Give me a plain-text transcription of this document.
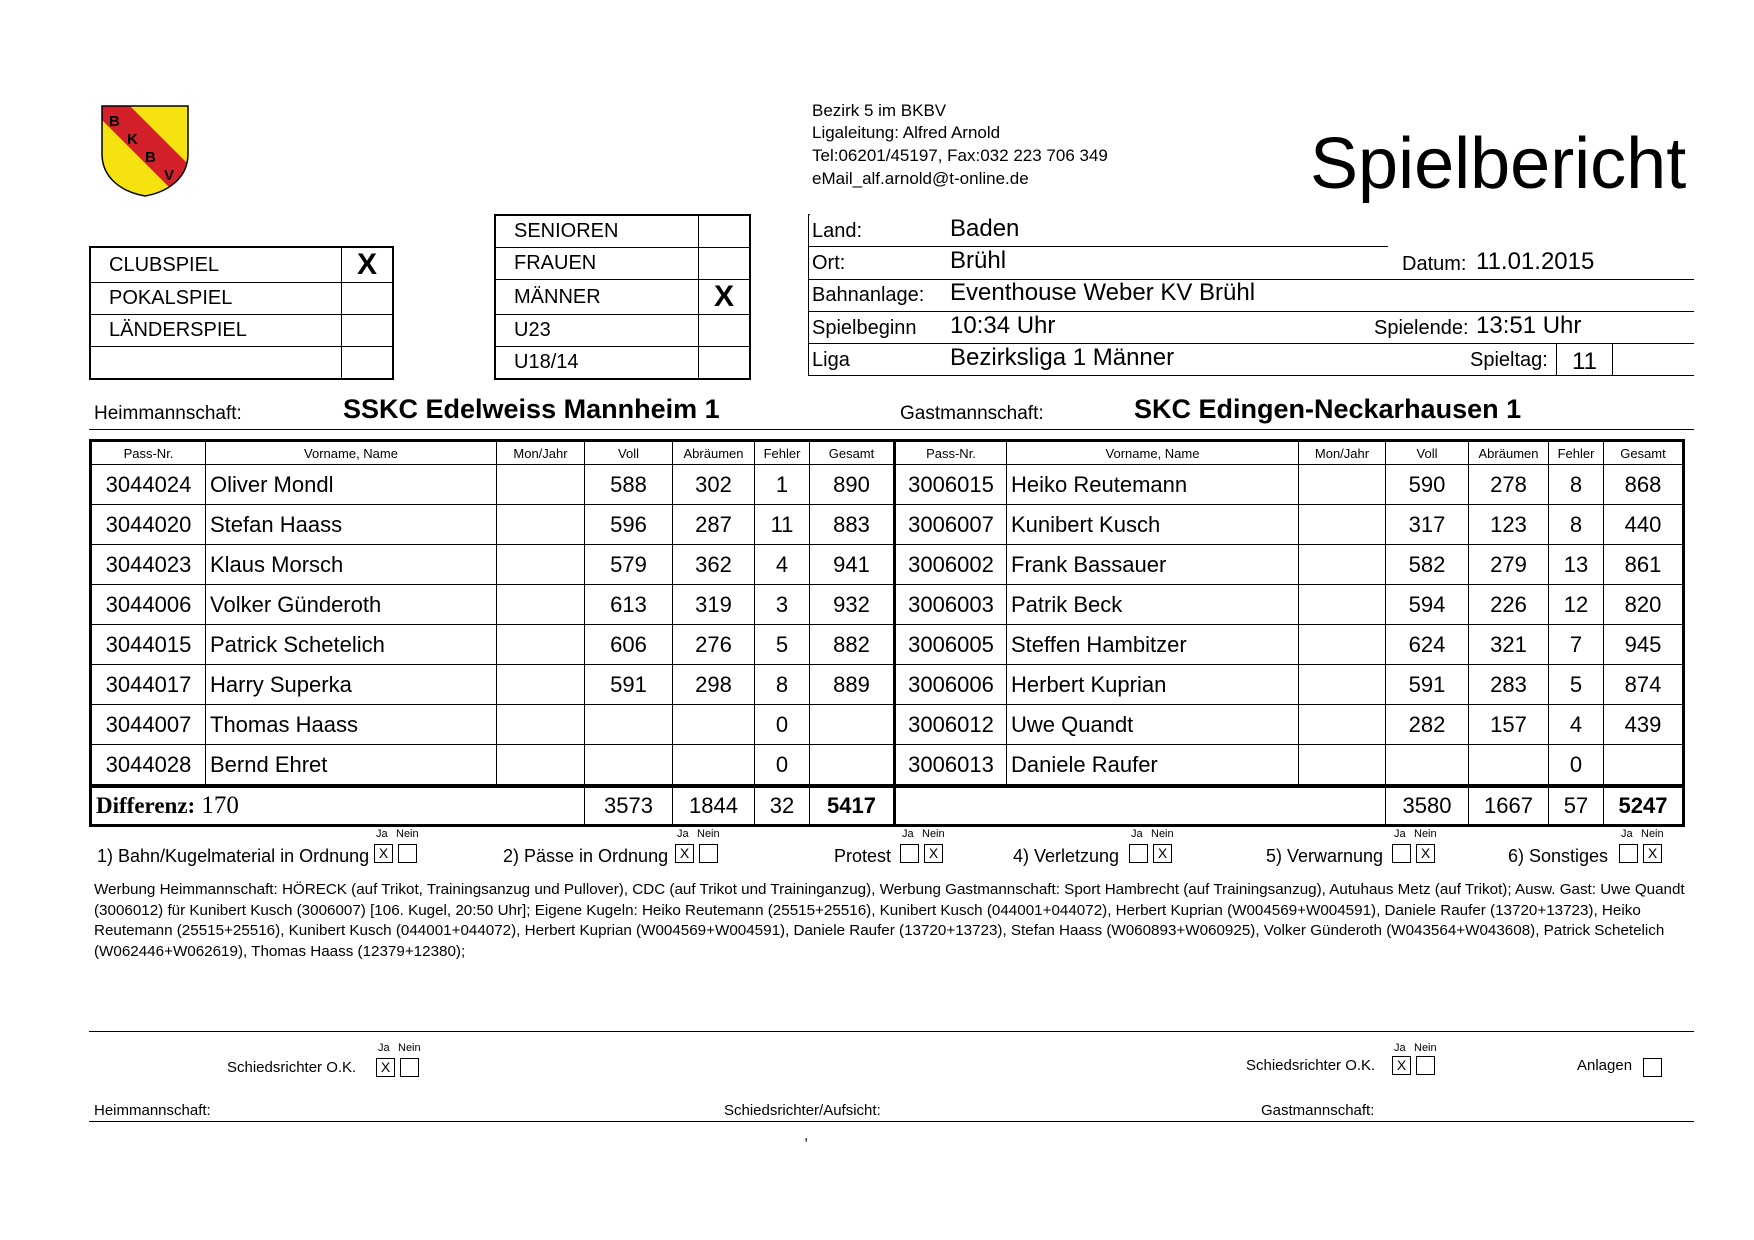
B
K
B
V
Bezirk 5 im BKBV
Ligaleitung: Alfred Arnold
Tel:06201/45197, Fax:032 223 706 349
eMail_alf.arnold@t-online.de	Spielbericht
CLUBSPIEL	X
POKALSPIEL	
LÄNDERSPIEL	

SENIOREN	
FRAUEN	
MÄNNER	X
U23	
U18/14	
Land:	Baden
Ort:	Brühl	Datum: 11.01.2015
Bahnanlage: Eventhouse Weber KV Brühl
Spielbeginn 10:34 Uhr	Spielende: 13:51 Uhr
Liga	Bezirksliga 1 Männer	Spieltag: 11
Heimmannschaft:	SSKC Edelweiss Mannheim 1	Gastmannschaft:	SKC Edingen-Neckarhausen 1
Pass-Nr.	Vorname, Name	Mon/Jahr	Voll	Abräumen	Fehler	Gesamt	Pass-Nr.	Vorname, Name	Mon/Jahr	Voll	Abräumen	Fehler	Gesamt
3044024	Oliver Mondl		588	302	1	890	3006015	Heiko Reutemann		590	278	8	868
3044020	Stefan Haass		596	287	11	883	3006007	Kunibert Kusch		317	123	8	440
3044023	Klaus Morsch		579	362	4	941	3006002	Frank Bassauer		582	279	13	861
3044006	Volker Günderoth		613	319	3	932	3006003	Patrik Beck		594	226	12	820
3044015	Patrick Schetelich		606	276	5	882	3006005	Steffen Hambitzer		624	321	7	945
3044017	Harry Superka		591	298	8	889	3006006	Herbert Kuprian		591	283	5	874
3044007	Thomas Haass				0		3006012	Uwe Quandt		282	157	4	439
3044028	Bernd Ehret				0		3006013	Daniele Raufer				0	
Differenz: 170			3573	1844	32	5417				3580	1667	57	5247
1) Bahn/Kugelmaterial in Ordnung
Ja Nein
X	2) Pässe in Ordnung
Ja Nein
X	Protest
Ja Nein
X	4) Verletzung
Ja Nein
X	5) Verwarnung
Ja Nein
X	6) Sonstiges
Ja Nein
X
Werbung Heimmannschaft: HÖRECK (auf Trikot, Trainingsanzug und Pullover), CDC (auf Trikot und Traininganzug), Werbung Gastmannschaft: Sport Hambrecht (auf Trainingsanzug), Autuhaus Metz (auf Trikot); Ausw. Gast: Uwe Quandt (3006012) für Kunibert Kusch (3006007) [106. Kugel, 20:50 Uhr]; Eigene Kugeln: Heiko Reutemann (25515+25516), Kunibert Kusch (044001+044072), Herbert Kuprian (W004569+W004591), Daniele Raufer (13720+13723), Heiko Reutemann (25515+25516), Kunibert Kusch (044001+044072), Herbert Kuprian (W004569+W004591), Daniele Raufer (13720+13723), Stefan Haass (W060893+W060925), Volker Günderoth (W043564+W043608), Patrick Schetelich (W062446+W062619), Thomas Haass (12379+12380);
Ja Nein
Schiedsrichter O.K.	X
Ja Nein
Schiedsrichter O.K.	X	Anlagen
Heimmannschaft:	Schiedsrichter/Aufsicht:	Gastmannschaft:
,
